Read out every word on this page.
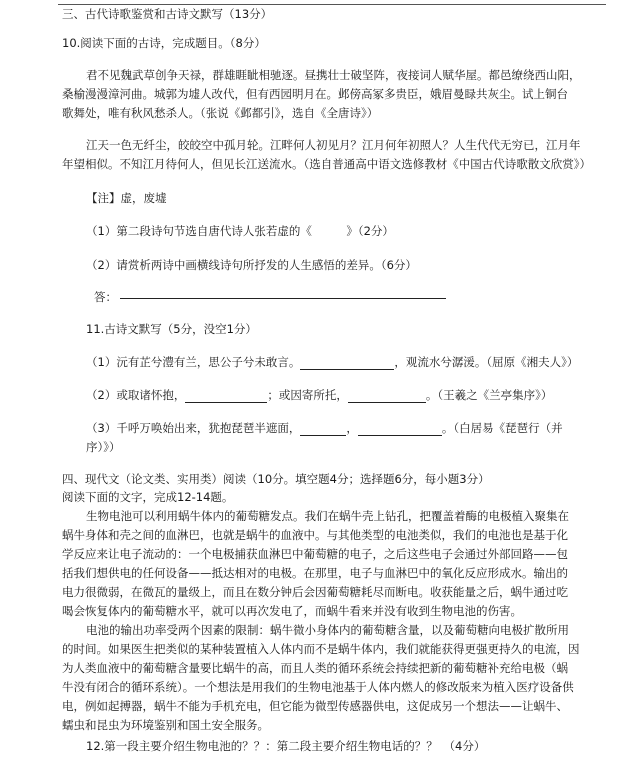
三、古代诗歌鉴赏和古诗文默写（13分）
10.阅读下面的古诗，完成题目。（8分）
君不见魏武草创争天禄，群雄睚眦相驰逐。昼携壮士破坚阵，夜接词人赋华屋。都邑缭绕西山阳，
桑榆漫漫漳河曲。城郭为墟人改代，但有西园明月在。邺傍高冢多贵臣，娥眉曼睩共灰尘。试上铜台
歌舞处，唯有秋风愁杀人。（张说《邺都引》，选自《全唐诗》）
江天一色无纤尘，皎皎空中孤月轮。江畔何人初见月？江月何年初照人？人生代代无穷已，江月年
年望相似。不知江月待何人，但见长江送流水。（选自普通高中语文选修教材《中国古代诗歌散文欣赏》）
【注】虚，废墟
（1）第二段诗句节选自唐代诗人张若虚的《　　　》（2分）
（2）请赏析两诗中画横线诗句所抒发的人生感悟的差异。（6分）
答：
11.古诗文默写（5分，没空1分）
（1）沅有芷兮澧有兰，思公子兮未敢言。	，观流水兮潺湲。（屈原《湘夫人》）
（2）或取诸怀抱，	；或因寄所托，	。（王羲之《兰亭集序》）
（3）千呼万唤始出来，犹抱琵琶半遮面，	，	。（白居易《琵琶行（并
序）》）
四、现代文（论文类、实用类）阅读（10分。填空题4分；选择题6分，每小题3分）
阅读下面的文字，完成12-14题。
生物电池可以利用蜗牛体内的葡萄糖发点。我们在蜗牛壳上钻孔，把覆盖着酶的电极植入聚集在
蜗牛身体和壳之间的血淋巴，也就是蜗牛的血液中。与其他类型的电池类似，我们的电池也是基于化
学反应来让电子流动的：一个电极捕获血淋巴中葡萄糖的电子，之后这些电子会通过外部回路——包
括我们想供电的任何设备——抵达相对的电极。在那里，电子与血淋巴中的氧化反应形成水。输出的
电力很微弱，在微瓦的量级上，而且在数分钟后会因葡萄糖耗尽而断电。收获能量之后，蜗牛通过吃
喝会恢复体内的葡萄糖水平，就可以再次发电了，而蜗牛看来并没有收到生物电池的伤害。
电池的输出功率受两个因素的限制：蜗牛微小身体内的葡萄糖含量，以及葡萄糖向电极扩散所用
的时间。如果医生把类似的某种装置植入人体内而不是蜗牛体内，我们就能获得更强更持久的电流，因
为人类血液中的葡萄糖含量要比蜗牛的高，而且人类的循环系统会持续把新的葡萄糖补充给电极（蜗
牛没有闭合的循环系统）。一个想法是用我们的生物电池基于人体内燃人的修改版来为植入医疗设备供
电，例如起搏器，蜗牛不能为手机充电，但它能为微型传感器供电，这促成另一个想法——让蜗牛、
蠕虫和昆虫为环境鉴别和国土安全服务。
12.第一段主要介绍生物电池的？？：第二段主要介绍生物电话的？？　（4分）
